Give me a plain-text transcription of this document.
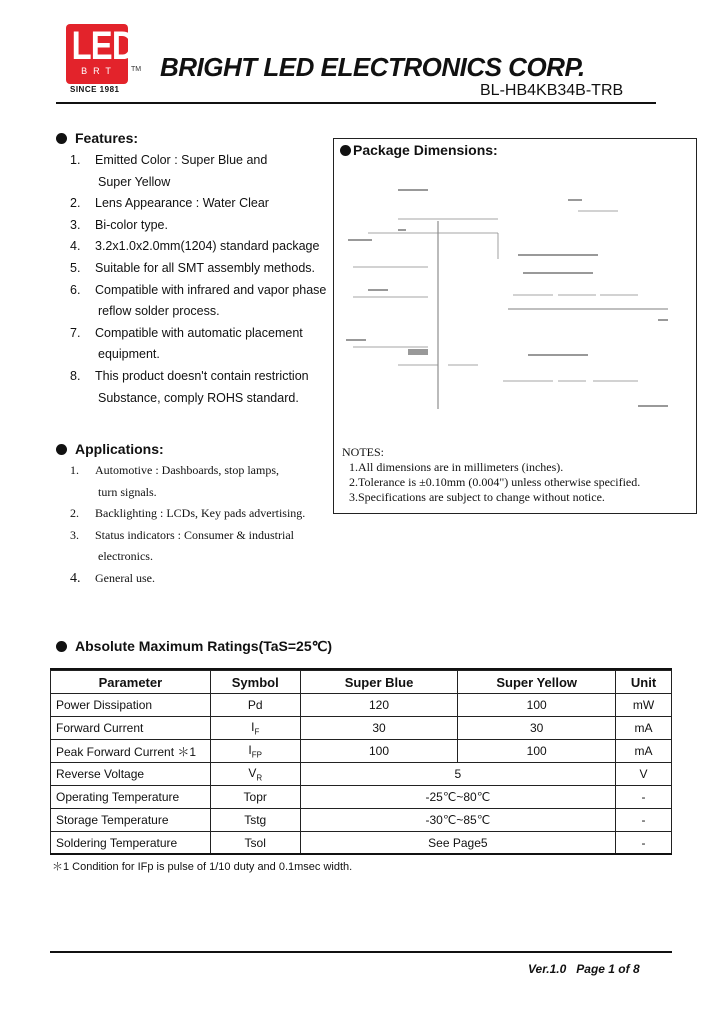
LED
BRT	TM
SINCE 1981
BRIGHT LED ELECTRONICS CORP.
BL-HB4KB34B-TRB
Features:
1.	Emitted Color : Super Blue and
Super Yellow
2.	Lens Appearance : Water Clear
3.	Bi-color type.
4.	3.2x1.0x2.0mm(1204) standard package
5.	Suitable for all SMT assembly methods.
6.	Compatible with infrared and vapor phase
reflow solder process.
7.	Compatible with automatic placement
equipment.
8.	This product doesn't contain restriction
Substance, comply ROHS standard.
Package Dimensions:
NOTES:
1.All dimensions are in millimeters (inches).
2.Tolerance is ±0.10mm (0.004") unless otherwise specified.
3.Specifications are subject to change without notice.
Applications:
1.	Automotive : Dashboards, stop lamps,
turn signals.
2.	Backlighting : LCDs, Key pads advertising.
3.	Status indicators : Consumer & industrial
electronics.
4.	General use.
Absolute Maximum Ratings(TaS=25℃)
Parameter	Symbol	Super Blue	Super Yellow	Unit
Power Dissipation	Pd	120	100	mW
Forward Current	$I_F$	30	30	mA
Peak Forward Current ＊1	$I_{FP}$	100	100	mA
Reverse Voltage	$V_R$	5		V
Operating Temperature	Topr	-25℃~80℃		-
Storage Temperature	Tstg	-30℃~85℃		-
Soldering Temperature	Tsol	See Page5		-
＊1 Condition for IFp is pulse of 1/10 duty and 0.1msec width.
Ver.1.0 Page 1 of 8
